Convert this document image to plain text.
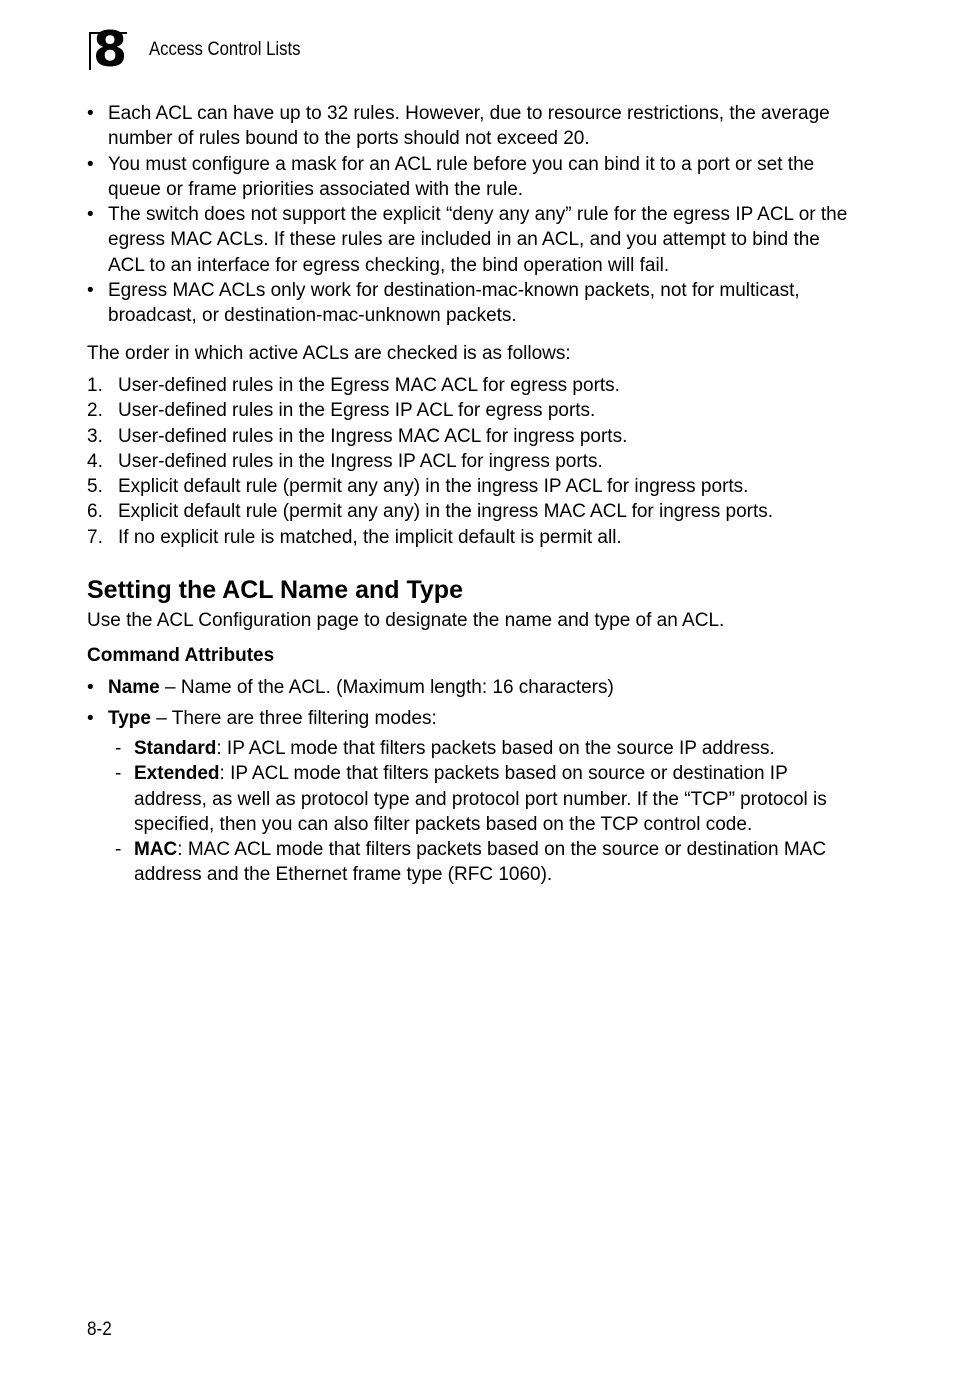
8 Access Control Lists
• Each ACL can have up to 32 rules. However, due to resource restrictions, the average number of rules bound to the ports should not exceed 20.
• You must configure a mask for an ACL rule before you can bind it to a port or set the queue or frame priorities associated with the rule.
• The switch does not support the explicit “deny any any” rule for the egress IP ACL or the egress MAC ACLs. If these rules are included in an ACL, and you attempt to bind the ACL to an interface for egress checking, the bind operation will fail.
• Egress MAC ACLs only work for destination-mac-known packets, not for multicast, broadcast, or destination-mac-unknown packets.

The order in which active ACLs are checked is as follows:

1. User-defined rules in the Egress MAC ACL for egress ports.
2. User-defined rules in the Egress IP ACL for egress ports.
3. User-defined rules in the Ingress MAC ACL for ingress ports.
4. User-defined rules in the Ingress IP ACL for ingress ports.
5. Explicit default rule (permit any any) in the ingress IP ACL for ingress ports.
6. Explicit default rule (permit any any) in the ingress MAC ACL for ingress ports.
7. If no explicit rule is matched, the implicit default is permit all.
Setting the ACL Name and Type

Use the ACL Configuration page to designate the name and type of an ACL.

Command Attributes
• Name – Name of the ACL. (Maximum length: 16 characters)
• Type – There are three filtering modes:
- Standard: IP ACL mode that filters packets based on the source IP address.
- Extended: IP ACL mode that filters packets based on source or destination IP address, as well as protocol type and protocol port number. If the “TCP” protocol is specified, then you can also filter packets based on the TCP control code.
- MAC: MAC ACL mode that filters packets based on the source or destination MAC address and the Ethernet frame type (RFC 1060).
8-2
